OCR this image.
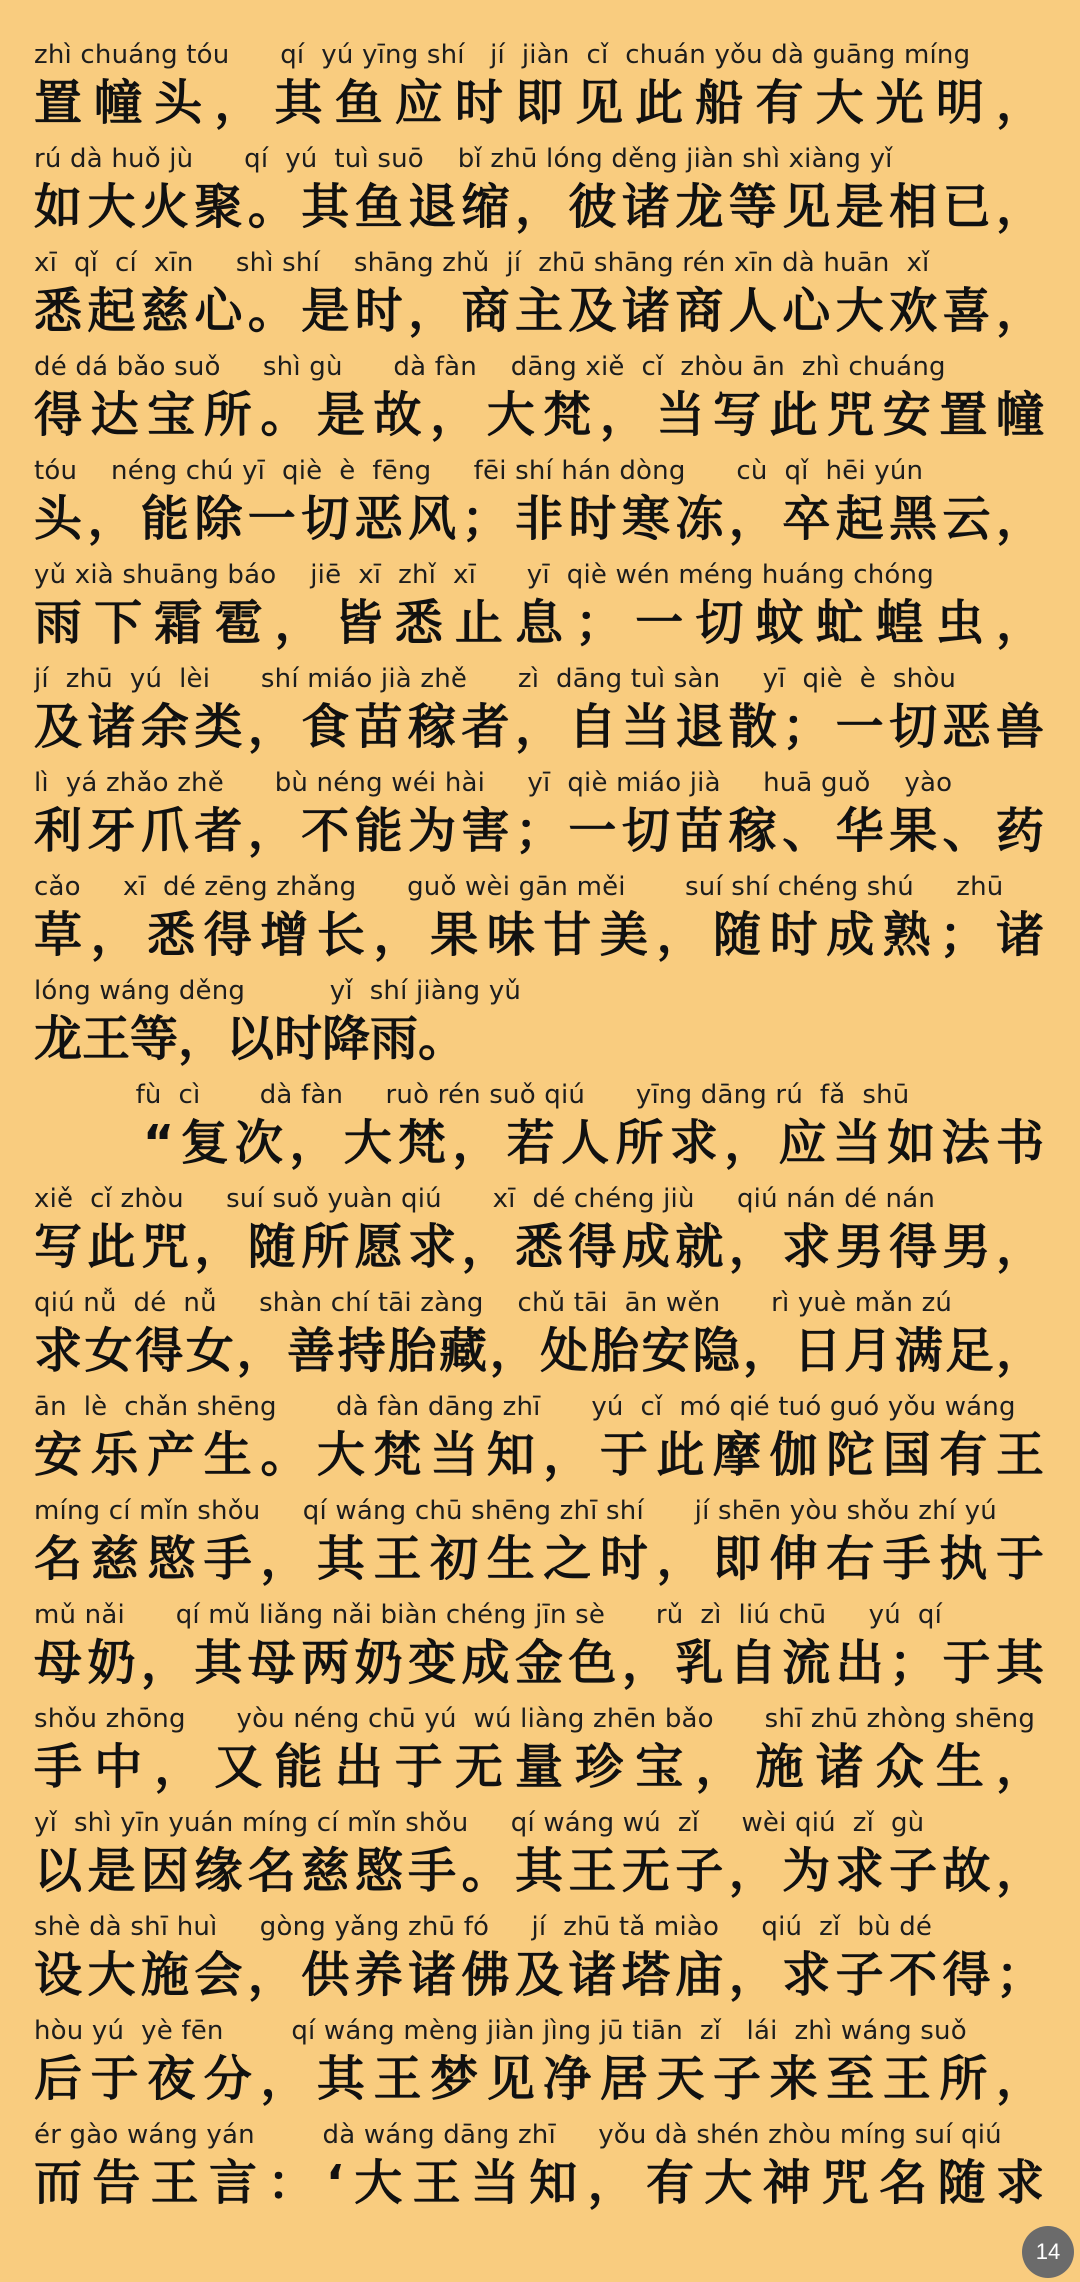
zhì chuáng tóu      qí  yú yīng shí   jí  jiàn  cǐ  chuán yǒu dà guāng míng
置幢头，其鱼应时即见此船有大光明，
rú dà huǒ jù      qí  yú  tuì suō    bǐ zhū lóng děng jiàn shì xiàng yǐ
如大火聚。其鱼退缩，彼诸龙等见是相已，
xī  qǐ  cí  xīn     shì shí    shāng zhǔ  jí  zhū shāng rén xīn dà huān  xǐ
悉起慈心。是时，商主及诸商人心大欢喜，
dé dá bǎo suǒ     shì gù      dà fàn    dāng xiě  cǐ  zhòu ān  zhì chuáng
得达宝所。是故，大梵，当写此咒安置幢
tóu    néng chú yī  qiè  è  fēng     fēi shí hán dòng      cù  qǐ  hēi yún
头，能除一切恶风；非时寒冻，卒起黑云，
yǔ xià shuāng báo    jiē  xī  zhǐ  xī      yī  qiè wén méng huáng chóng
雨下霜雹，皆悉止息；一切蚊虻蝗虫，
jí  zhū  yú  lèi      shí miáo jià zhě      zì  dāng tuì sàn     yī  qiè  è  shòu
及诸余类，食苗稼者，自当退散；一切恶兽
lì  yá zhǎo zhě      bù néng wéi hài     yī  qiè miáo jià     huā guǒ    yào
利牙爪者，不能为害；一切苗稼、华果、药
cǎo     xī  dé zēng zhǎng      guǒ wèi gān měi       suí shí chéng shú     zhū
草，悉得增长，果味甘美，随时成熟；诸
lóng wáng děng          yǐ  shí jiàng yǔ
龙王等，以时降雨。
fù  cì       dà fàn     ruò rén suǒ qiú      yīng dāng rú  fǎ  shū
　　“复次，大梵，若人所求，应当如法书
xiě  cǐ zhòu     suí suǒ yuàn qiú      xī  dé chéng jiù     qiú nán dé nán
写此咒，随所愿求，悉得成就，求男得男，
qiú nǚ  dé  nǚ     shàn chí tāi zàng    chǔ tāi  ān wěn      rì yuè mǎn zú
求女得女，善持胎藏，处胎安隐，日月满足，
ān  lè  chǎn shēng       dà fàn dāng zhī      yú  cǐ  mó qié tuó guó yǒu wáng
安乐产生。大梵当知，于此摩伽陀国有王
míng cí mǐn shǒu     qí wáng chū shēng zhī shí      jí shēn yòu shǒu zhí yú
名慈愍手，其王初生之时，即伸右手执于
mǔ nǎi      qí mǔ liǎng nǎi biàn chéng jīn sè      rǔ  zì  liú chū     yú  qí
母奶，其母两奶变成金色，乳自流出；于其
shǒu zhōng      yòu néng chū yú  wú liàng zhēn bǎo      shī zhū zhòng shēng
手中，又能出于无量珍宝，施诸众生，
yǐ  shì yīn yuán míng cí mǐn shǒu     qí wáng wú  zǐ     wèi qiú  zǐ  gù
以是因缘名慈愍手。其王无子，为求子故，
shè dà shī huì     gòng yǎng zhū fó     jí  zhū tǎ miào     qiú  zǐ  bù dé
设大施会，供养诸佛及诸塔庙，求子不得；
hòu yú  yè fēn        qí wáng mèng jiàn jìng jū tiān  zǐ   lái  zhì wáng suǒ
后于夜分，其王梦见净居天子来至王所，
ér gào wáng yán        dà wáng dāng zhī     yǒu dà shén zhòu míng suí qiú
而告王言：‘大王当知，有大神咒名随求
14
